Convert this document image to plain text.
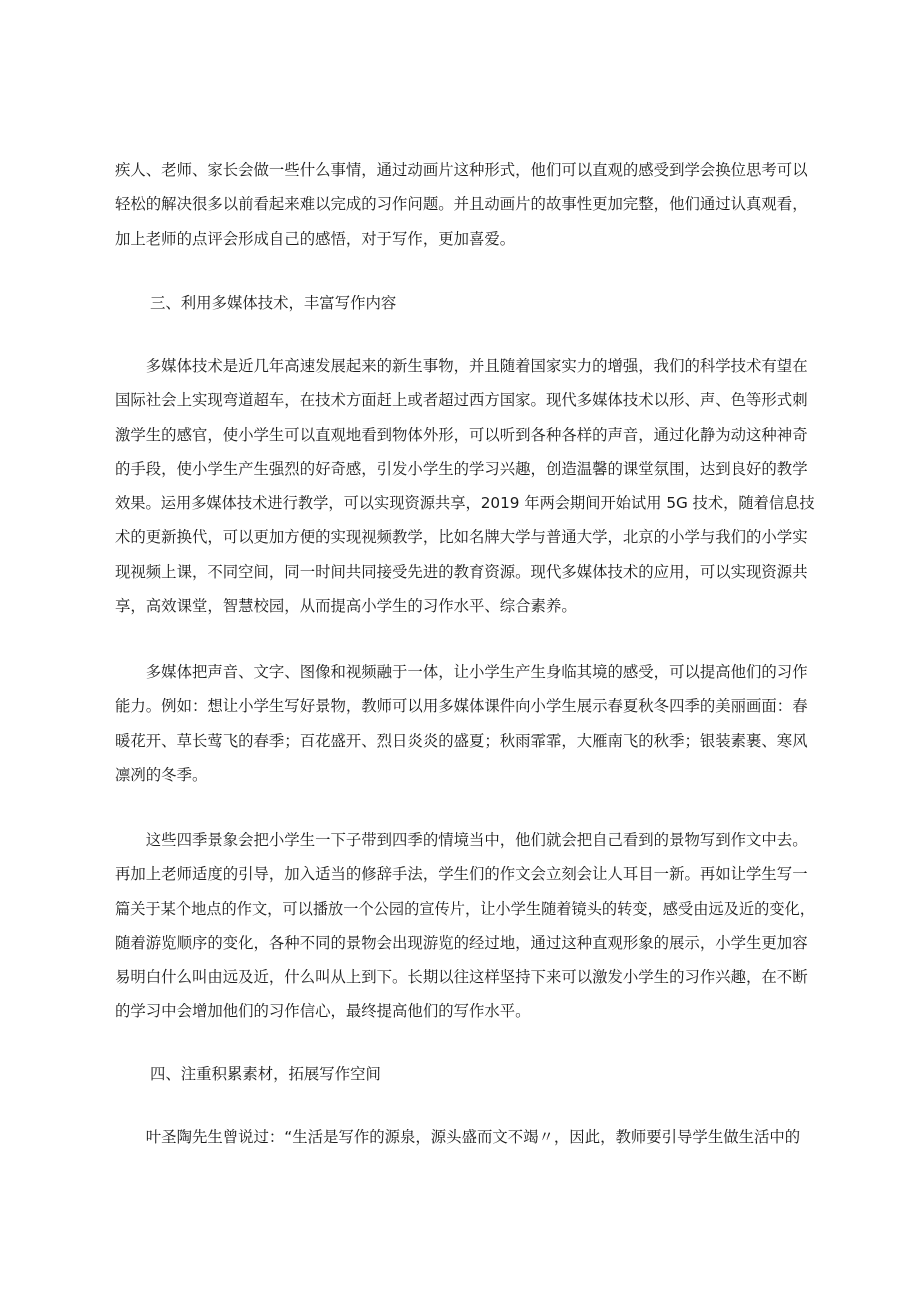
疾人、老师、家长会做一些什么事情，通过动画片这种形式，他们可以直观的感受到学会换位思考可以
轻松的解决很多以前看起来难以完成的习作问题。并且动画片的故事性更加完整，他们通过认真观看，
加上老师的点评会形成自己的感悟，对于写作，更加喜爱。
三、利用多媒体技术，丰富写作内容
　　多媒体技术是近几年高速发展起来的新生事物，并且随着国家实力的增强，我们的科学技术有望在
国际社会上实现弯道超车，在技术方面赶上或者超过西方国家。现代多媒体技术以形、声、色等形式刺
激学生的感官，使小学生可以直观地看到物体外形，可以听到各种各样的声音，通过化静为动这种神奇
的手段，使小学生产生强烈的好奇感，引发小学生的学习兴趣，创造温馨的课堂氛围，达到良好的教学
效果。运用多媒体技术进行教学，可以实现资源共享，2019 年两会期间开始试用 5G 技术，随着信息技
术的更新换代，可以更加方便的实现视频教学，比如名牌大学与普通大学，北京的小学与我们的小学实
现视频上课，不同空间，同一时间共同接受先进的教育资源。现代多媒体技术的应用，可以实现资源共
享，高效课堂，智慧校园，从而提高小学生的习作水平、综合素养。
　　多媒体把声音、文字、图像和视频融于一体，让小学生产生身临其境的感受，可以提高他们的习作
能力。例如：想让小学生写好景物，教师可以用多媒体课件向小学生展示春夏秋冬四季的美丽画面：春
暖花开、草长莺飞的春季；百花盛开、烈日炎炎的盛夏；秋雨霏霏，大雁南飞的秋季；银装素裹、寒风
凛冽的冬季。
　　这些四季景象会把小学生一下子带到四季的情境当中，他们就会把自己看到的景物写到作文中去。
再加上老师适度的引导，加入适当的修辞手法，学生们的作文会立刻会让人耳目一新。再如让学生写一
篇关于某个地点的作文，可以播放一个公园的宣传片，让小学生随着镜头的转变，感受由远及近的变化，
随着游览顺序的变化，各种不同的景物会出现游览的经过地，通过这种直观形象的展示，小学生更加容
易明白什么叫由远及近，什么叫从上到下。长期以往这样坚持下来可以激发小学生的习作兴趣，在不断
的学习中会增加他们的习作信心，最终提高他们的写作水平。
四、注重积累素材，拓展写作空间
　　叶圣陶先生曾说过：“生活是写作的源泉，源头盛而文不竭〃，因此，教师要引导学生做生活中的
